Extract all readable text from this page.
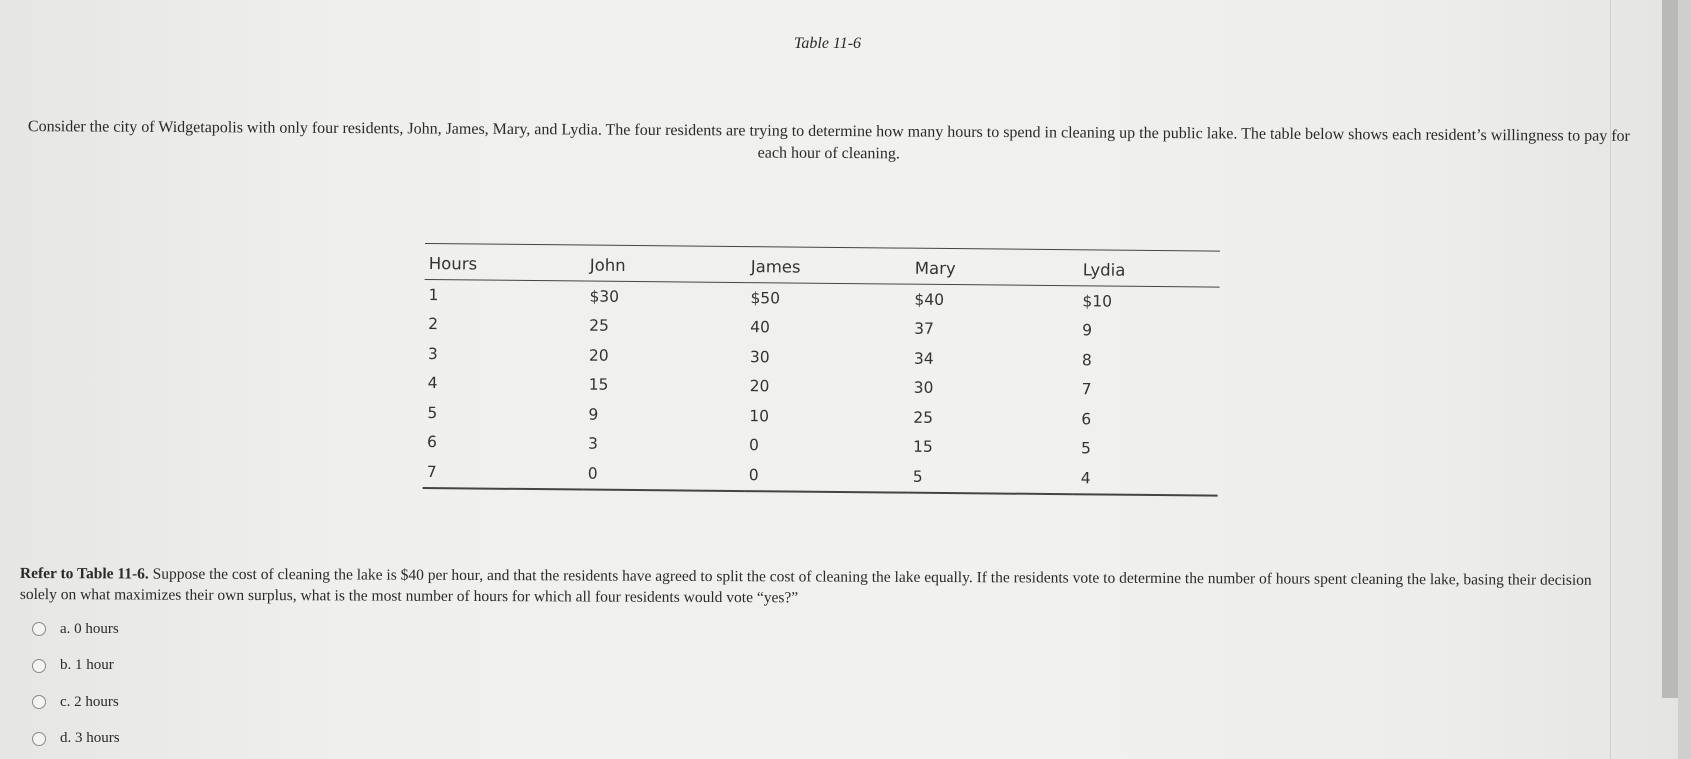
Table 11-6
Consider the city of Widgetapolis with only four residents, John, James, Mary, and Lydia. The four residents are trying to determine how many hours to spend in cleaning up the public lake. The table below shows each resident’s willingness to pay for each hour of cleaning.
Hours	John	James	Mary	Lydia
1	$30	$50	$40	$10
2	25	40	37	9
3	20	30	34	8
4	15	20	30	7
5	9	10	25	6
6	3	0	15	5
7	0	0	5	4
Refer to Table 11-6. Suppose the cost of cleaning the lake is $40 per hour, and that the residents have agreed to split the cost of cleaning the lake equally. If the residents vote to determine the number of hours spent cleaning the lake, basing their decision solely on what maximizes their own surplus, what is the most number of hours for which all four residents would vote “yes?”
a. 0 hours
b. 1 hour
c. 2 hours
d. 3 hours
